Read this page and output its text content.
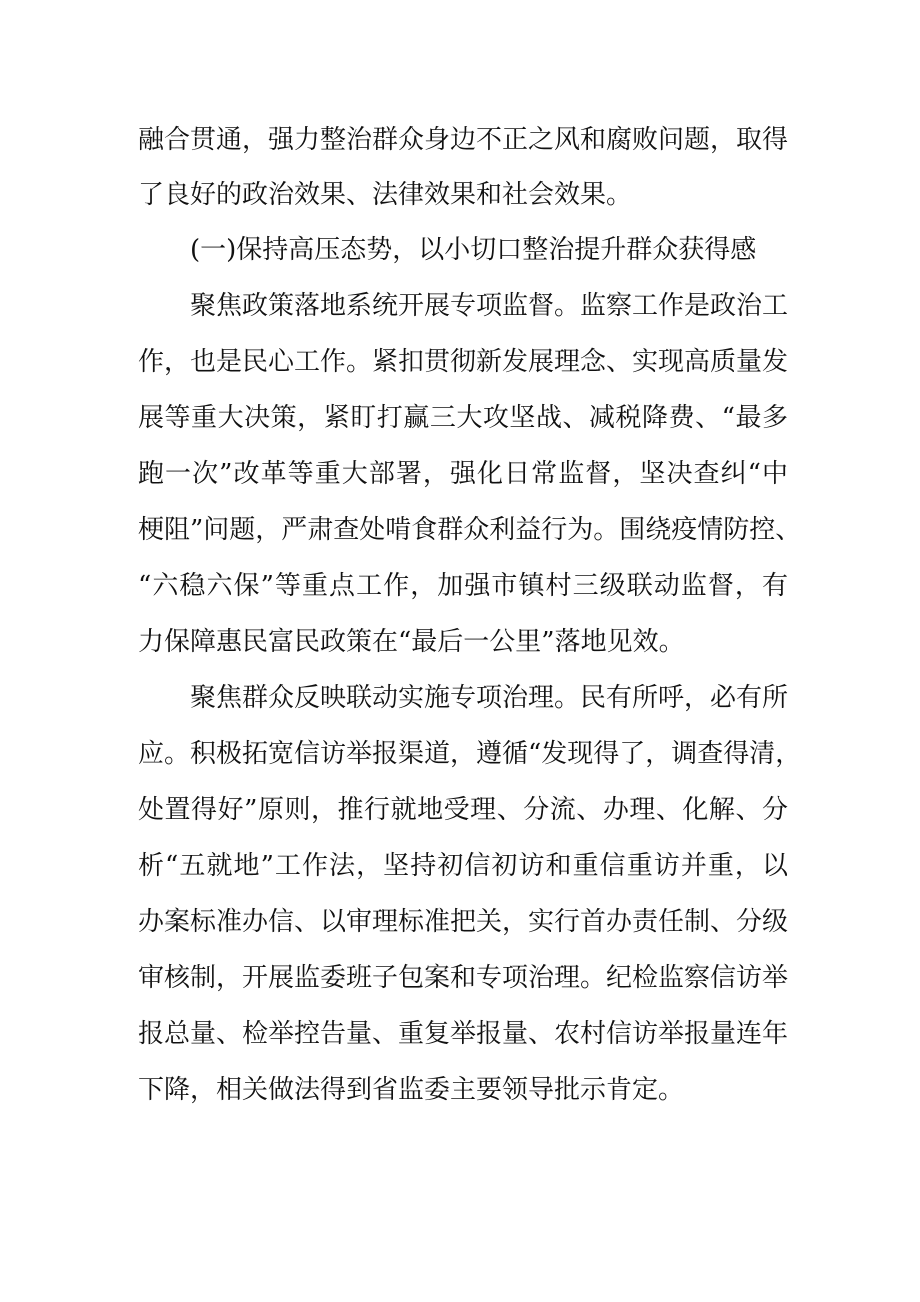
融合贯通，强力整治群众身边不正之风和腐败问题，取得

了良好的政治效果、法律效果和社会效果。

(一)保持高压态势，以小切口整治提升群众获得感

聚焦政策落地系统开展专项监督。监察工作是政治工

作，也是民心工作。紧扣贯彻新发展理念、实现高质量发

展等重大决策，紧盯打赢三大攻坚战、减税降费、“最多

跑一次”改革等重大部署，强化日常监督，坚决查纠“中

梗阻”问题，严肃查处啃食群众利益行为。围绕疫情防控、

“六稳六保”等重点工作，加强市镇村三级联动监督，有

力保障惠民富民政策在“最后一公里”落地见效。

聚焦群众反映联动实施专项治理。民有所呼，必有所

应。积极拓宽信访举报渠道，遵循“发现得了，调查得清，

处置得好”原则，推行就地受理、分流、办理、化解、分

析“五就地”工作法，坚持初信初访和重信重访并重，以

办案标准办信、以审理标准把关，实行首办责任制、分级

审核制，开展监委班子包案和专项治理。纪检监察信访举

报总量、检举控告量、重复举报量、农村信访举报量连年

下降，相关做法得到省监委主要领导批示肯定。
